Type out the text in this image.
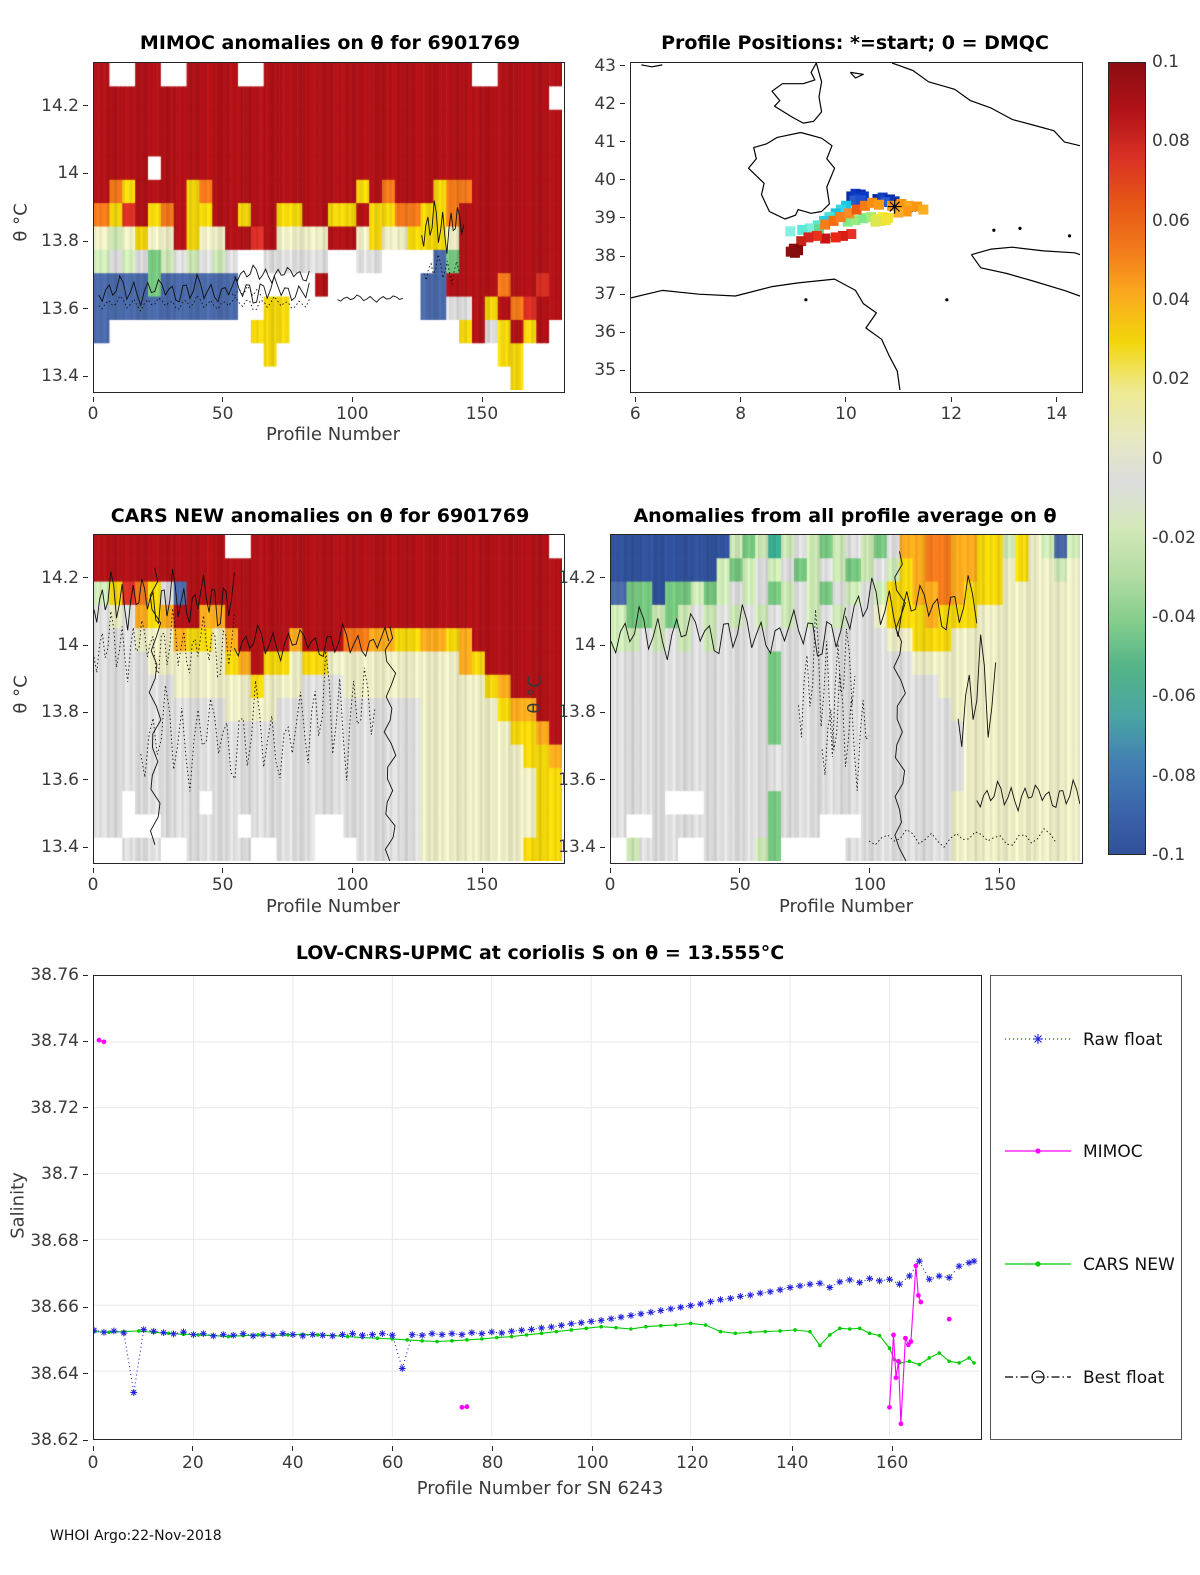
MIMOC anomalies on θ for 6901769	Profile Positions: *=start; 0 = DMQC
CARS NEW anomalies on θ for 6901769	Anomalies from all profile average on θ
LOV-CNRS-UPMC at coriolis S on θ = 13.555°C
0.1
0.08
0.06
0.04
0.02
0
-0.02
-0.04
-0.06
-0.08
-0.1
Raw float
MIMOC
CARS NEW
Best float
0	50	100	150
13.4
13.6
13.8
14
14.2
6	8	10	12	14
35
36
37
38
39
40
41
42
43
0	50	100	150
13.4
13.6
13.8
14
14.2
0	50	100	150
13.4
13.6
13.8
14
14.2
0	20	40	60	80	100	120	140	160
38.62
38.64
38.66
38.68
38.7
38.72
38.74
38.76
Profile Number
θ °C
Profile Number
θ °C
Profile Number
θ °C
Salinity
Profile Number for SN 6243
WHOI Argo:22-Nov-2018
